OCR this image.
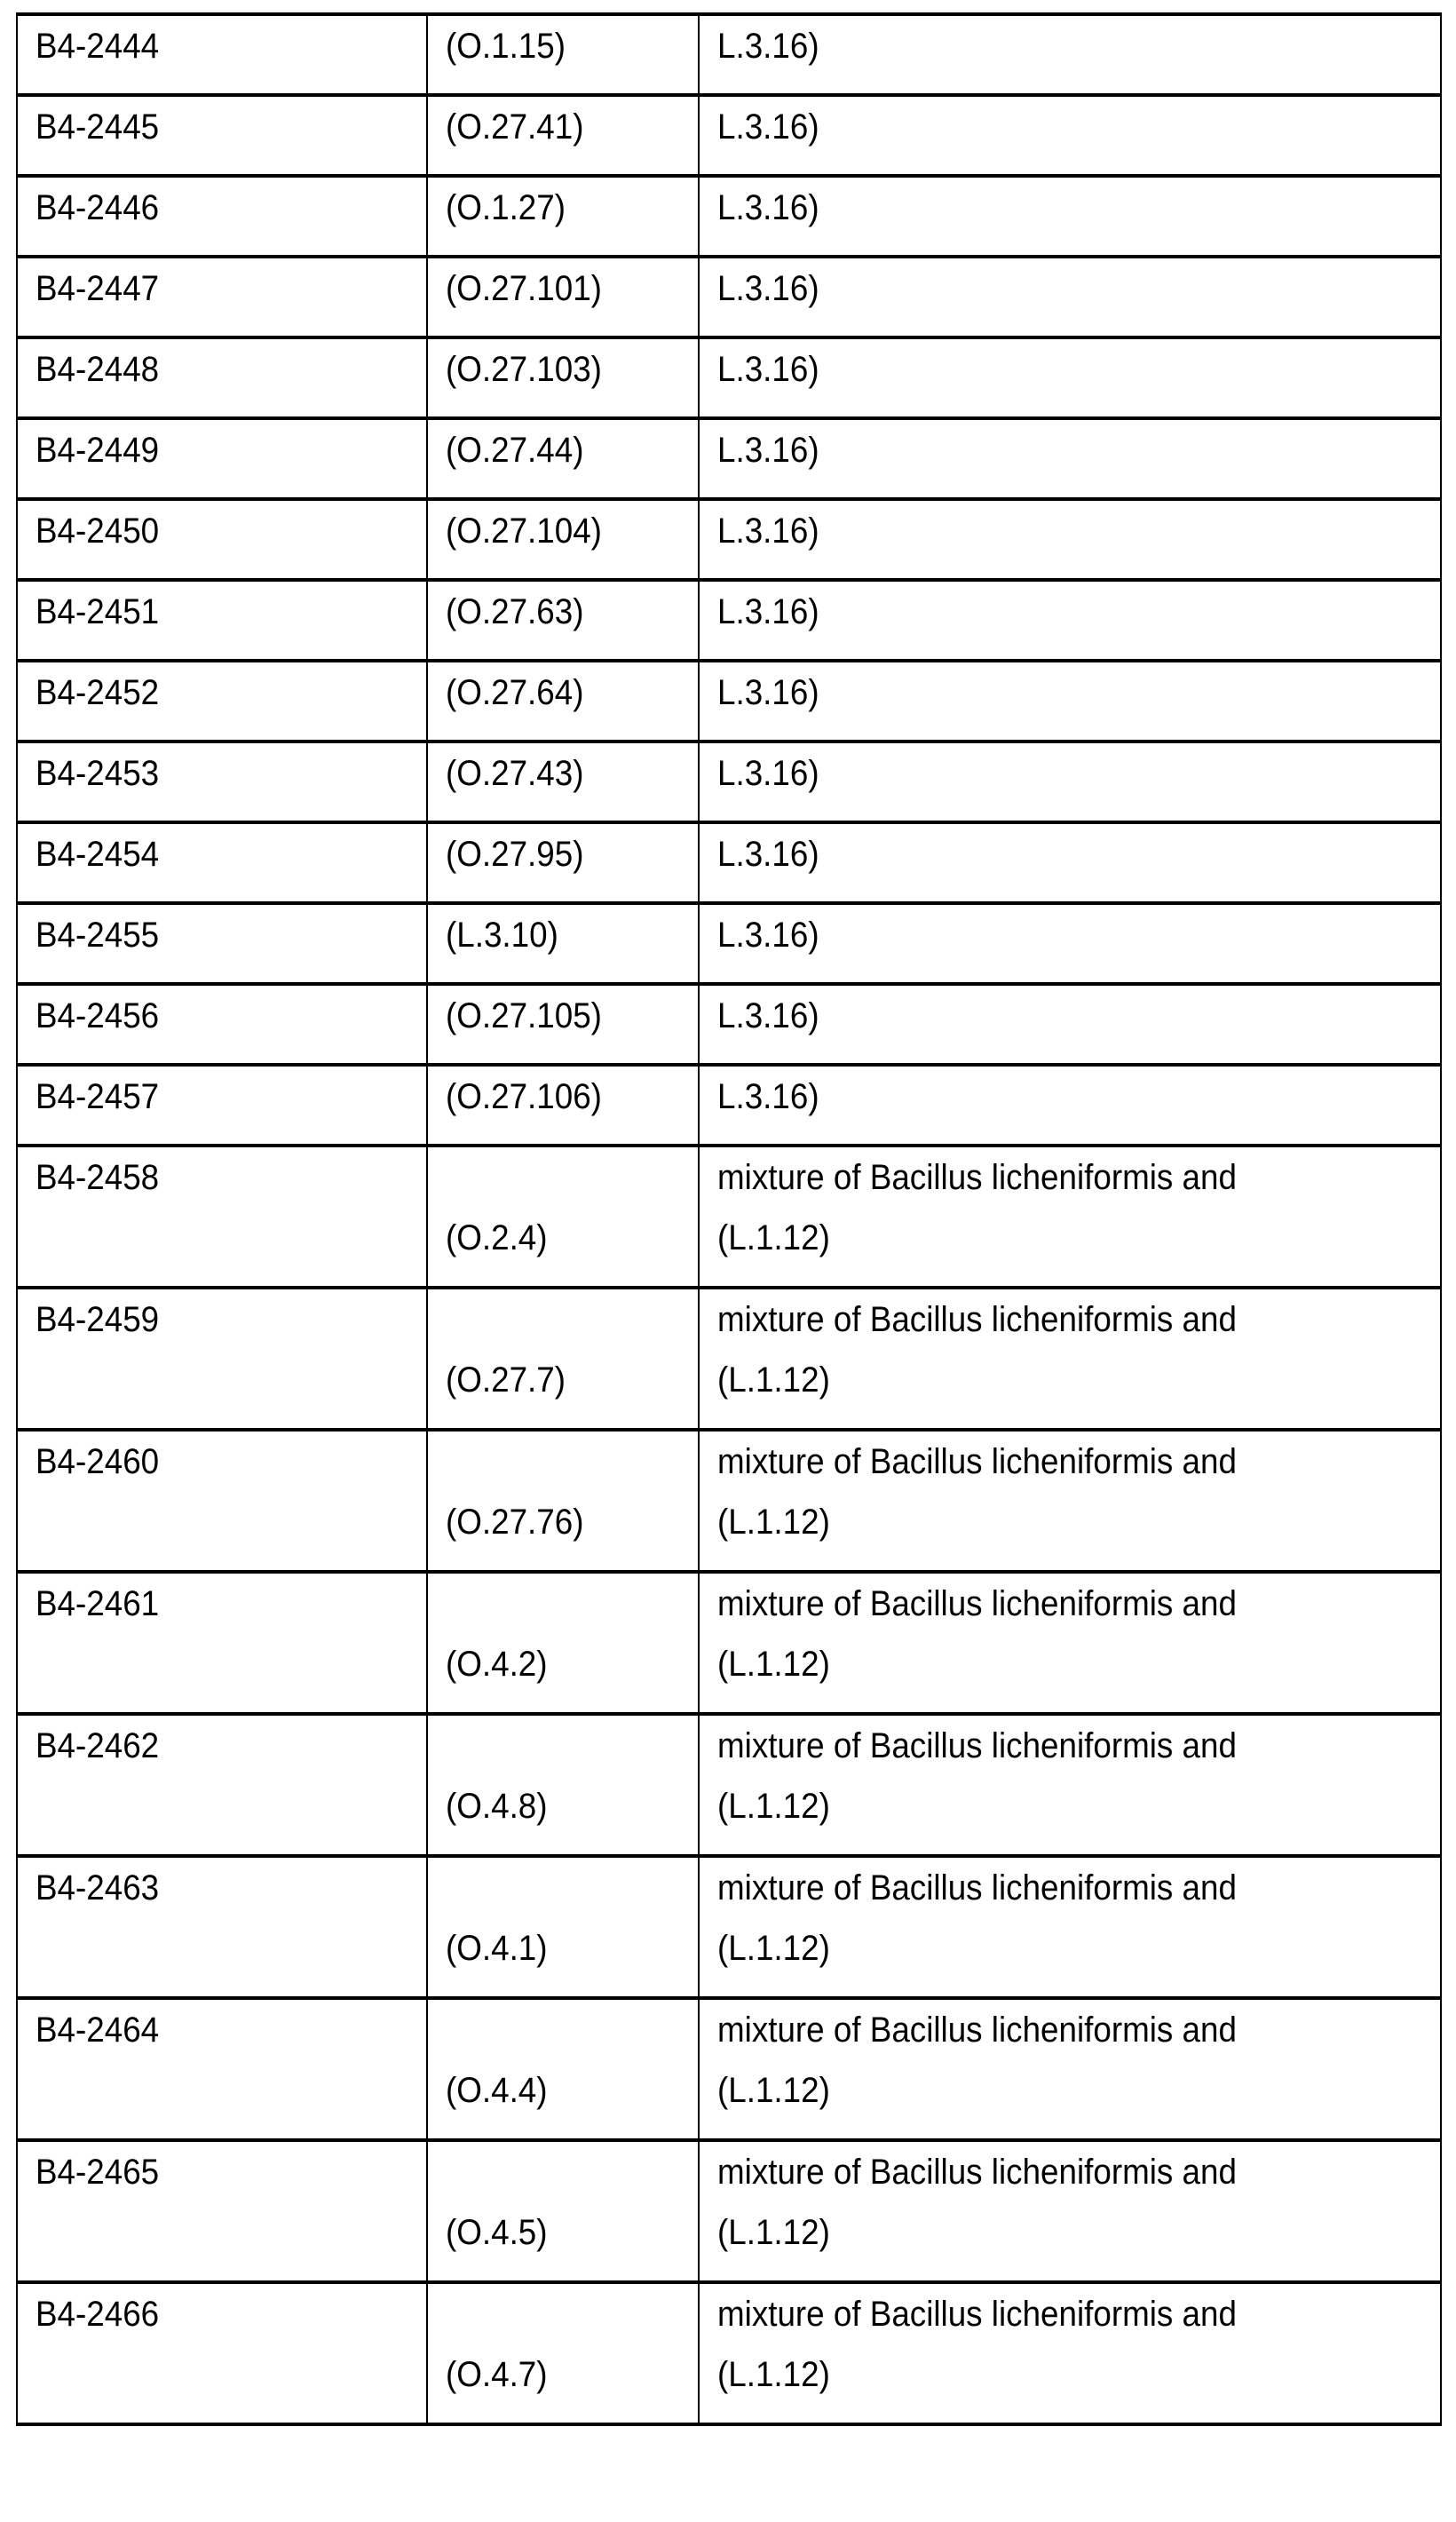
B4-2444	(O.1.15)	L.3.16)

B4-2445	(O.27.41)	L.3.16)

B4-2446	(O.1.27)	L.3.16)

B4-2447	(O.27.101)	L.3.16)

B4-2448	(O.27.103)	L.3.16)

B4-2449	(O.27.44)	L.3.16)

B4-2450	(O.27.104)	L.3.16)

B4-2451	(O.27.63)	L.3.16)

B4-2452	(O.27.64)	L.3.16)

B4-2453	(O.27.43)	L.3.16)

B4-2454	(O.27.95)	L.3.16)

B4-2455	(L.3.10)	L.3.16)

B4-2456	(O.27.105)	L.3.16)

B4-2457	(O.27.106)	L.3.16)

B4-2458

(O.2.4)

mixture of Bacillus licheniformis and
(L.1.12)

B4-2459

(O.27.7)

mixture of Bacillus licheniformis and
(L.1.12)

B4-2460

(O.27.76)

mixture of Bacillus licheniformis and
(L.1.12)

B4-2461

(O.4.2)

mixture of Bacillus licheniformis and
(L.1.12)

B4-2462

(O.4.8)

mixture of Bacillus licheniformis and
(L.1.12)

B4-2463

(O.4.1)

mixture of Bacillus licheniformis and
(L.1.12)

B4-2464

(O.4.4)

mixture of Bacillus licheniformis and
(L.1.12)

B4-2465

(O.4.5)

mixture of Bacillus licheniformis and
(L.1.12)

B4-2466

(O.4.7)

mixture of Bacillus licheniformis and
(L.1.12)
